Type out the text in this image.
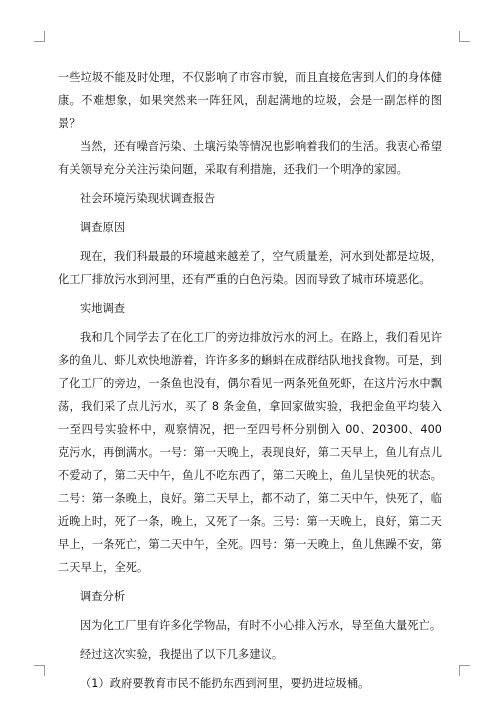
一些垃圾不能及时处理，不仅影响了市容市貌，而且直接危害到人们的身体健康。不难想象，如果突然来一阵狂风，刮起满地的垃圾，会是一副怎样的图景？

当然，还有噪音污染、土壤污染等情况也影响着我们的生活。我衷心希望有关领导充分关注污染问题，采取有利措施，还我们一个明净的家园。

社会环境污染现状调查报告

调查原因

现在，我们科最最的环境越来越差了，空气质量差，河水到处都是垃圾，化工厂排放污水到河里，还有严重的白色污染。因而导致了城市环境恶化。

实地调查

我和几个同学去了在化工厂的旁边排放污水的河上。在路上，我们看见许多的鱼儿、虾儿欢快地游着，许许多多的蝌蚪在成群结队地找食物。可是，到了化工厂的旁边，一条鱼也没有，偶尔看见一两条死鱼死虾，在这片污水中飘荡，我们采了点儿污水，买了 8 条金鱼，拿回家做实验，我把金鱼平均装入一至四号实验杯中，观察情况，把一至四号杯分别倒入 00、20300、400 克污水，再倒满水。一号：第一天晚上，表现良好，第二天早上，鱼儿有点儿不爱动了，第二天中午，鱼儿不吃东西了，第二天晚上，鱼儿呈快死的状态。二号：第一条晚上，良好。第二天早上，都不动了，第二天中午，快死了，临近晚上时，死了一条，晚上，又死了一条。三号：第一天晚上，良好，第二天早上，一条死亡，第二天中午，全死。四号：第一天晚上，鱼儿焦躁不安，第二天早上，全死。

调查分析

因为化工厂里有许多化学物品，有时不小心排入污水，导至鱼大量死亡。

经过这次实验，我提出了以下几多建议。

（1）政府要教育市民不能扔东西到河里，要扔进垃圾桶。
